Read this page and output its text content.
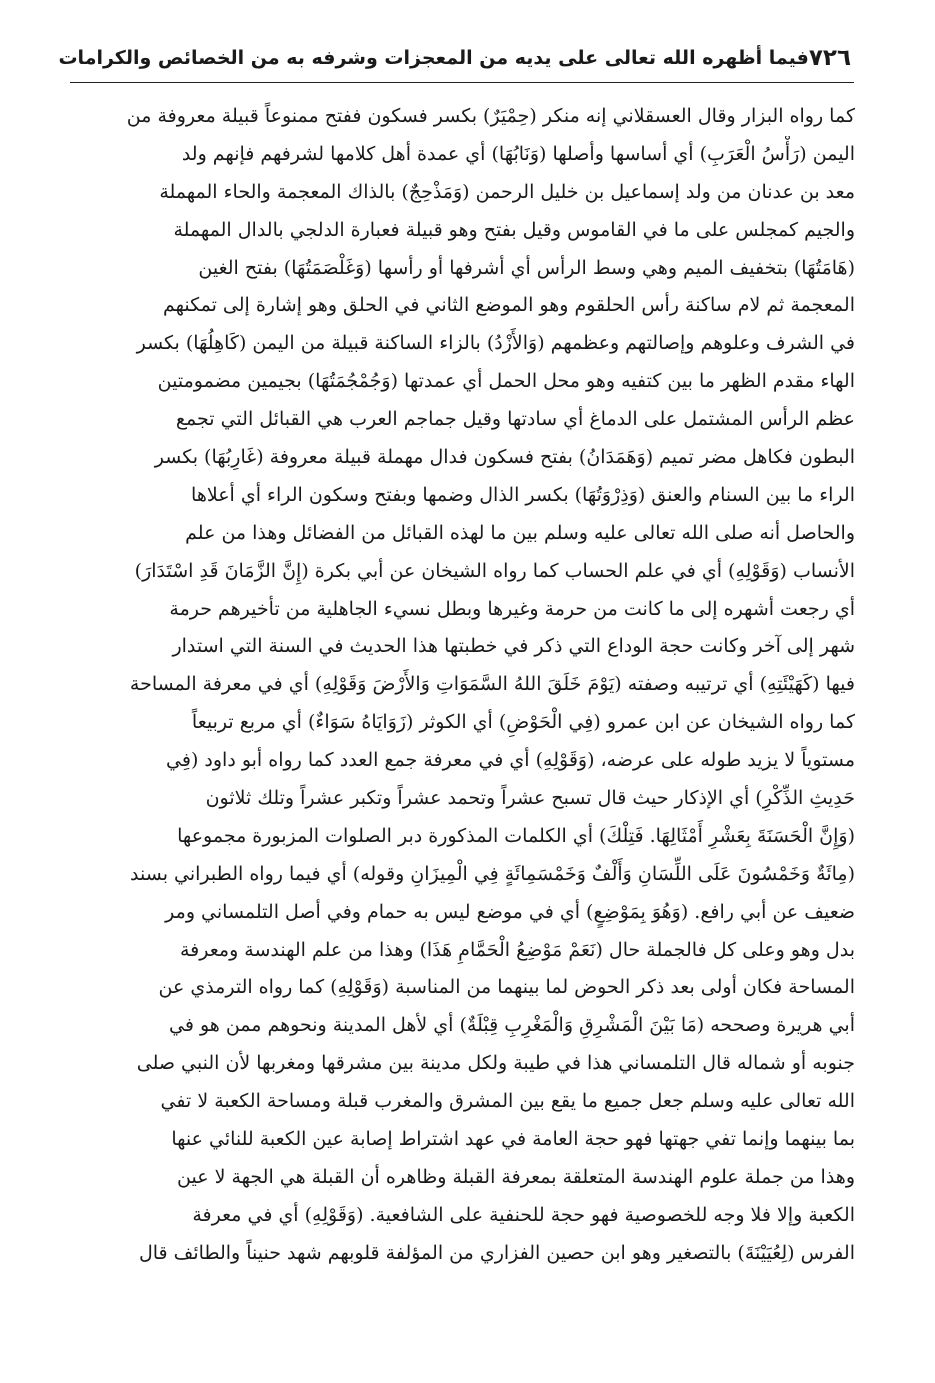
٧٢٦
فيما أظهره الله تعالى على يديه من المعجزات وشرفه به من الخصائص والكرامات
كما رواه البزار وقال العسقلاني إنه منكر (حِمْيَرٌ) بكسر فسكون ففتح ممنوعاً قبيلة معروفة من
اليمن (رَأْسُ الْعَرَبِ) أي أساسها وأصلها (وَنَابُهَا) أي عمدة أهل كلامها لشرفهم فإنهم ولد
معد بن عدنان من ولد إسماعيل بن خليل الرحمن (وَمَذْحِجٌ) بالذاك المعجمة والحاء المهملة
والجيم كمجلس على ما في القاموس وقيل بفتح وهو قبيلة فعبارة الدلجي بالدال المهملة
(هَامَتُهَا) بتخفيف الميم وهي وسط الرأس أي أشرفها أو رأسها (وَغَلْصَمَتُهَا) بفتح الغين
المعجمة ثم لام ساكنة رأس الحلقوم وهو الموضع الثاني في الحلق وهو إشارة إلى تمكنهم
في الشرف وعلوهم وإصالتهم وعظمهم (وَالأَزْدُ) بالزاء الساكنة قبيلة من اليمن (كَاهِلُهَا) بكسر
الهاء مقدم الظهر ما بين كتفيه وهو محل الحمل أي عمدتها (وَجُمْجُمَتُهَا) بجيمين مضمومتين
عظم الرأس المشتمل على الدماغ أي سادتها وقيل جماجم العرب هي القبائل التي تجمع
البطون فكاهل مضر تميم (وَهَمَدَانُ) بفتح فسكون فدال مهملة قبيلة معروفة (غَارِبُهَا) بكسر
الراء ما بين السنام والعنق (وَذِرْوَتُهَا) بكسر الذال وضمها وبفتح وسكون الراء أي أعلاها
والحاصل أنه صلى الله تعالى عليه وسلم بين ما لهذه القبائل من الفضائل وهذا من علم
الأنساب (وَقَوْلِهِ) أي في علم الحساب كما رواه الشيخان عن أبي بكرة (إِنَّ الزَّمَانَ قَدِ اسْتَدَارَ)
أي رجعت أشهره إلى ما كانت من حرمة وغيرها وبطل نسيء الجاهلية من تأخيرهم حرمة
شهر إلى آخر وكانت حجة الوداع التي ذكر في خطبتها هذا الحديث في السنة التي استدار
فيها (كَهَيْئَتِهِ) أي ترتيبه وصفته (يَوْمَ خَلَقَ اللهُ السَّمَوَاتِ وَالأَرْضَ وَقَوْلِهِ) أي في معرفة المساحة
كما رواه الشيخان عن ابن عمرو (فِي الْحَوْضِ) أي الكوثر (زَوَايَاهُ سَوَاءٌ) أي مربع تربيعاً
مستوياً لا يزيد طوله على عرضه، (وَقَوْلِهِ) أي في معرفة جمع العدد كما رواه أبو داود (فِي
حَدِيثِ الذِّكْرِ) أي الإذكار حيث قال تسبح عشراً وتحمد عشراً وتكبر عشراً وتلك ثلاثون
(وَإِنَّ الْحَسَنَةَ بِعَشْرِ أَمْثَالِهَا. فَتِلْكَ) أي الكلمات المذكورة دبر الصلوات المزبورة مجموعها
(مِائَةٌ وَخَمْسُونَ عَلَى اللِّسَانِ وَأَلْفٌ وَخَمْسَمِائَةٍ فِي الْمِيزَانِ وقوله) أي فيما رواه الطبراني بسند
ضعيف عن أبي رافع. (وَهُوَ بِمَوْضِعٍ) أي في موضع ليس به حمام وفي أصل التلمساني ومر
بدل وهو وعلى كل فالجملة حال (نَعَمْ مَوْضِعُ الْحَمَّامِ هَذَا) وهذا من علم الهندسة ومعرفة
المساحة فكان أولى بعد ذكر الحوض لما بينهما من المناسبة (وَقَوْلِهِ) كما رواه الترمذي عن
أبي هريرة وصححه (مَا بَيْنَ الْمَشْرِقِ وَالْمَغْرِبِ قِبْلَةٌ) أي لأهل المدينة ونحوهم ممن هو في
جنوبه أو شماله قال التلمساني هذا في طيبة ولكل مدينة بين مشرقها ومغربها لأن النبي صلى
الله تعالى عليه وسلم جعل جميع ما يقع بين المشرق والمغرب قبلة ومساحة الكعبة لا تفي
بما بينهما وإنما تفي جهتها فهو حجة العامة في عهد اشتراط إصابة عين الكعبة للنائي عنها
وهذا من جملة علوم الهندسة المتعلقة بمعرفة القبلة وظاهره أن القبلة هي الجهة لا عين
الكعبة وإلا فلا وجه للخصوصية فهو حجة للحنفية على الشافعية. (وَقَوْلِهِ) أي في معرفة
الفرس (لِعُيَيْنَةَ) بالتصغير وهو ابن حصين الفزاري من المؤلفة قلوبهم شهد حنيناً والطائف قال
